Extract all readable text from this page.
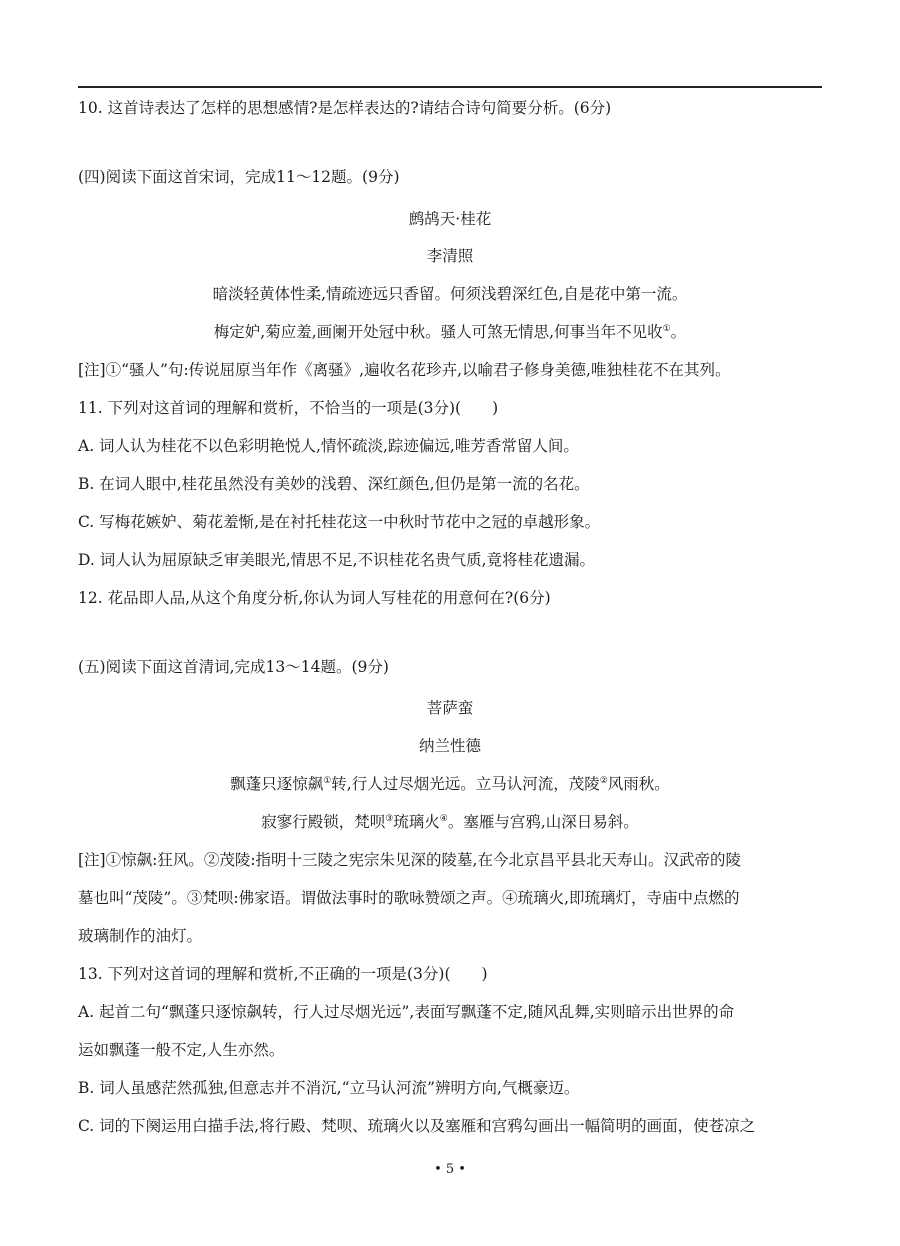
10. 这首诗表达了怎样的思想感情?是怎样表达的?请结合诗句简要分析。(6分)
(四)阅读下面这首宋词，完成11～12题。(9分)
鹧鸪天·桂花
李清照
暗淡轻黄体性柔,情疏迹远只香留。何须浅碧深红色,自是花中第一流。
梅定妒,菊应羞,画阑开处冠中秋。骚人可煞无情思,何事当年不见收①。
[注]①“骚人”句:传说屈原当年作《离骚》,遍收名花珍卉,以喻君子修身美德,唯独桂花不在其列。
11. 下列对这首词的理解和赏析，不恰当的一项是(3分)(　　)
A. 词人认为桂花不以色彩明艳悦人,情怀疏淡,踪迹偏远,唯芳香常留人间。
B. 在词人眼中,桂花虽然没有美妙的浅碧、深红颜色,但仍是第一流的名花。
C. 写梅花嫉妒、菊花羞惭,是在衬托桂花这一中秋时节花中之冠的卓越形象。
D. 词人认为屈原缺乏审美眼光,情思不足,不识桂花名贵气质,竟将桂花遗漏。
12. 花品即人品,从这个角度分析,你认为词人写桂花的用意何在?(6分)
(五)阅读下面这首清词,完成13～14题。(9分)
菩萨蛮
纳兰性德
飘蓬只逐惊飙①转,行人过尽烟光远。立马认河流，茂陵②风雨秋。
寂寥行殿锁，梵呗③琉璃火④。塞雁与宫鸦,山深日易斜。
[注]①惊飙:狂风。②茂陵:指明十三陵之宪宗朱见深的陵墓,在今北京昌平县北天寿山。汉武帝的陵
墓也叫“茂陵”。③梵呗:佛家语。谓做法事时的歌咏赞颂之声。④琉璃火,即琉璃灯，寺庙中点燃的
玻璃制作的油灯。
13. 下列对这首词的理解和赏析,不正确的一项是(3分)(　　)
A. 起首二句“飘蓬只逐惊飙转，行人过尽烟光远”,表面写飘蓬不定,随风乱舞,实则暗示出世界的命
运如飘蓬一般不定,人生亦然。
B. 词人虽感茫然孤独,但意志并不消沉,“立马认河流”辨明方向,气概豪迈。
C. 词的下阕运用白描手法,将行殿、梵呗、琉璃火以及塞雁和宫鸦勾画出一幅简明的画面，使苍凉之
• 5 •
